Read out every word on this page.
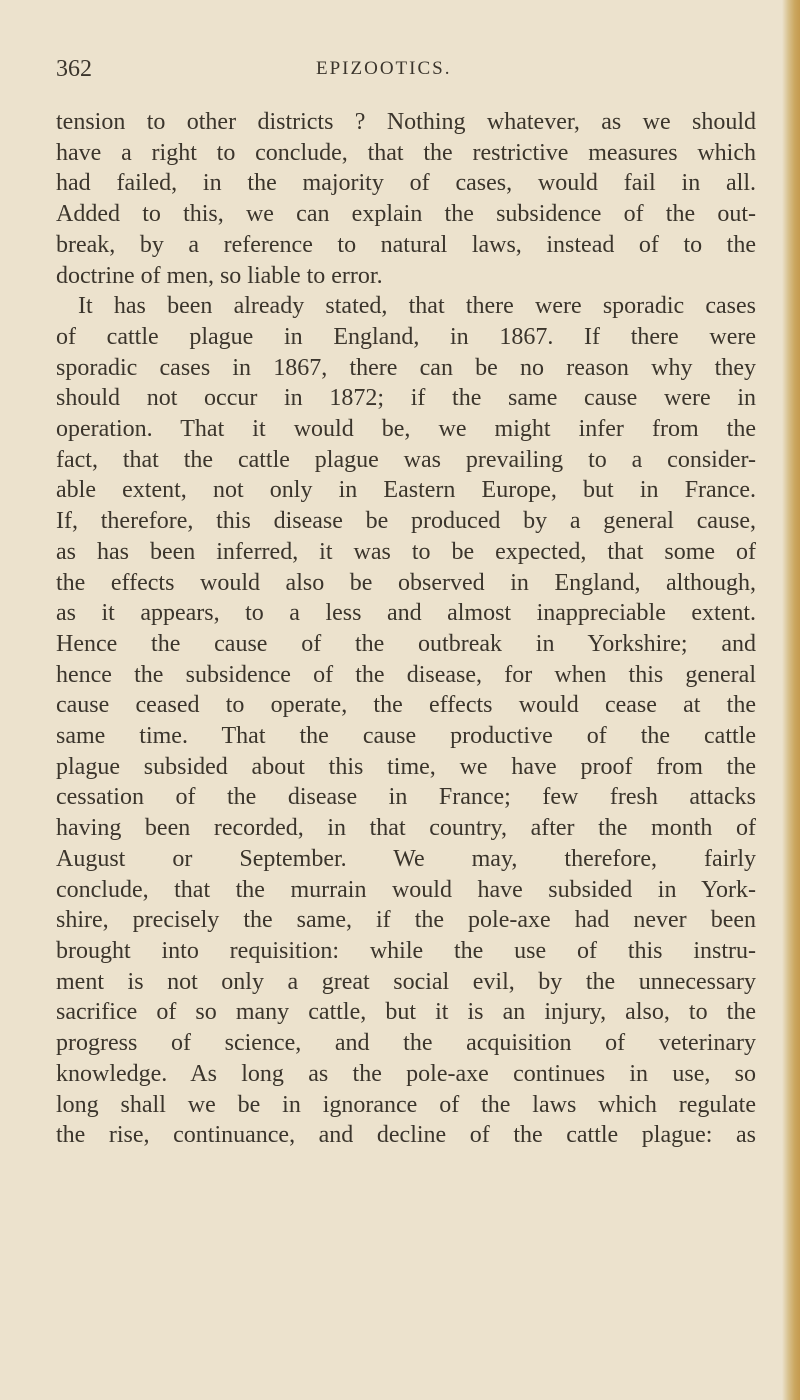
362	EPIZOOTICS.
tension to other districts ? Nothing whatever, as we should
have a right to conclude, that the restrictive measures which
had failed, in the majority of cases, would fail in all.
Added to this, we can explain the subsidence of the out-
break, by a reference to natural laws, instead of to the
doctrine of men, so liable to error.
It has been already stated, that there were sporadic cases
of cattle plague in England, in 1867. If there were
sporadic cases in 1867, there can be no reason why they
should not occur in 1872; if the same cause were in
operation. That it would be, we might infer from the
fact, that the cattle plague was prevailing to a consider-
able extent, not only in Eastern Europe, but in France.
If, therefore, this disease be produced by a general cause,
as has been inferred, it was to be expected, that some of
the effects would also be observed in England, although,
as it appears, to a less and almost inappreciable extent.
Hence the cause of the outbreak in Yorkshire; and
hence the subsidence of the disease, for when this general
cause ceased to operate, the effects would cease at the
same time. That the cause productive of the cattle
plague subsided about this time, we have proof from the
cessation of the disease in France; few fresh attacks
having been recorded, in that country, after the month of
August or September. We may, therefore, fairly
conclude, that the murrain would have subsided in York-
shire, precisely the same, if the pole-axe had never been
brought into requisition: while the use of this instru-
ment is not only a great social evil, by the unnecessary
sacrifice of so many cattle, but it is an injury, also, to the
progress of science, and the acquisition of veterinary
knowledge. As long as the pole-axe continues in use, so
long shall we be in ignorance of the laws which regulate
the rise, continuance, and decline of the cattle plague: as
